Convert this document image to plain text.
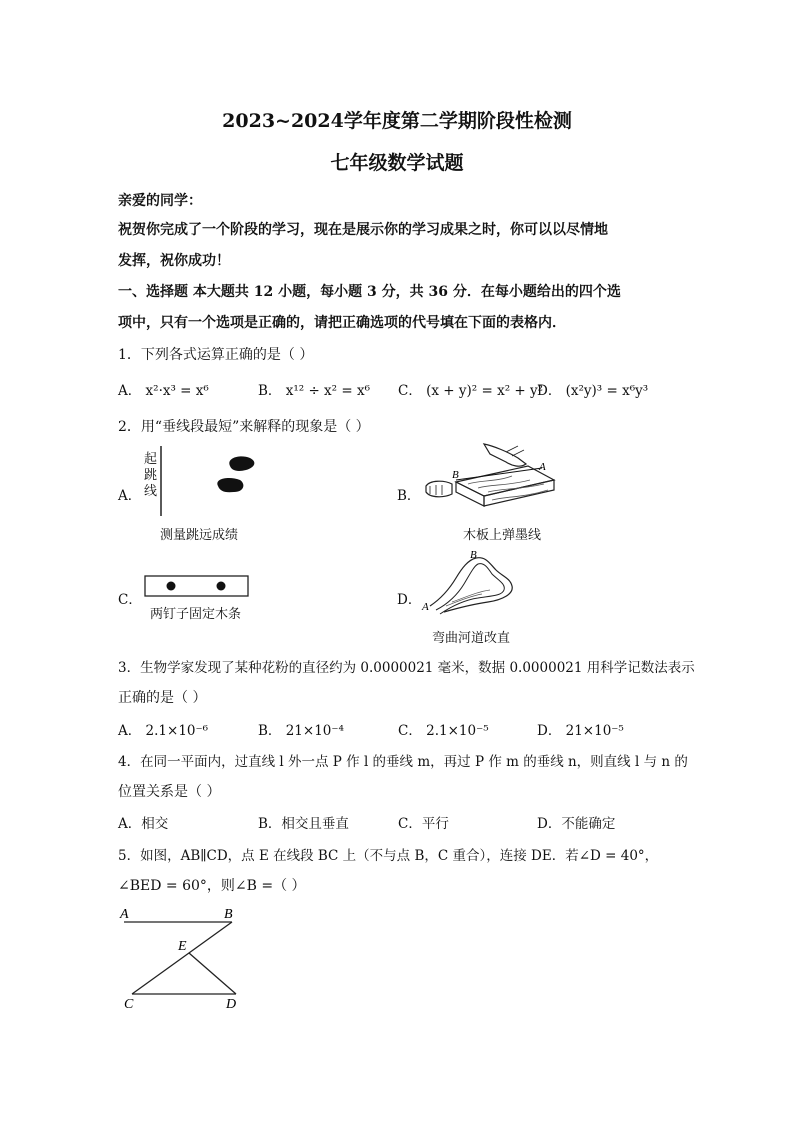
2023~2024学年度第二学期阶段性检测
七年级数学试题
亲爱的同学：
祝贺你完成了一个阶段的学习，现在是展示你的学习成果之时，你可以以尽情地
发挥，祝你成功！
一、选择题 本大题共 12 小题，每小题 3 分，共 36 分．在每小题给出的四个选
项中，只有一个选项是正确的，请把正确选项的代号填在下面的表格内．
1．下列各式运算正确的是（ ）
A． x²·x³ = x⁶	B． x¹² ÷ x² = x⁶ C． (x + y)² = x² + y²
D． (x²y)³ = x⁶y³
2．用“垂线段最短”来解释的现象是（ ）
A．
起
跳
线
测量跳远成绩
B．
B
A
木板上弹墨线
C．
两钉子固定木条
D．
B
A
弯曲河道改直
3．生物学家发现了某种花粉的直径约为 0.0000021 毫米，数据 0.0000021 用科学记数法表示
正确的是（ ）
A． 2.1×10⁻⁶	B． 21×10⁻⁴	C． 2.1×10⁻⁵	D． 21×10⁻⁵
4．在同一平面内，过直线 l 外一点 P 作 l 的垂线 m，再过 P 作 m 的垂线 n，则直线 l 与 n 的
位置关系是（ ）
A．相交	B．相交且垂直	C．平行	D．不能确定
5．如图，AB∥CD，点 E 在线段 BC 上（不与点 B，C 重合），连接 DE．若∠D = 40°，
∠BED = 60°，则∠B =（ ）
A	B
E
C	D
